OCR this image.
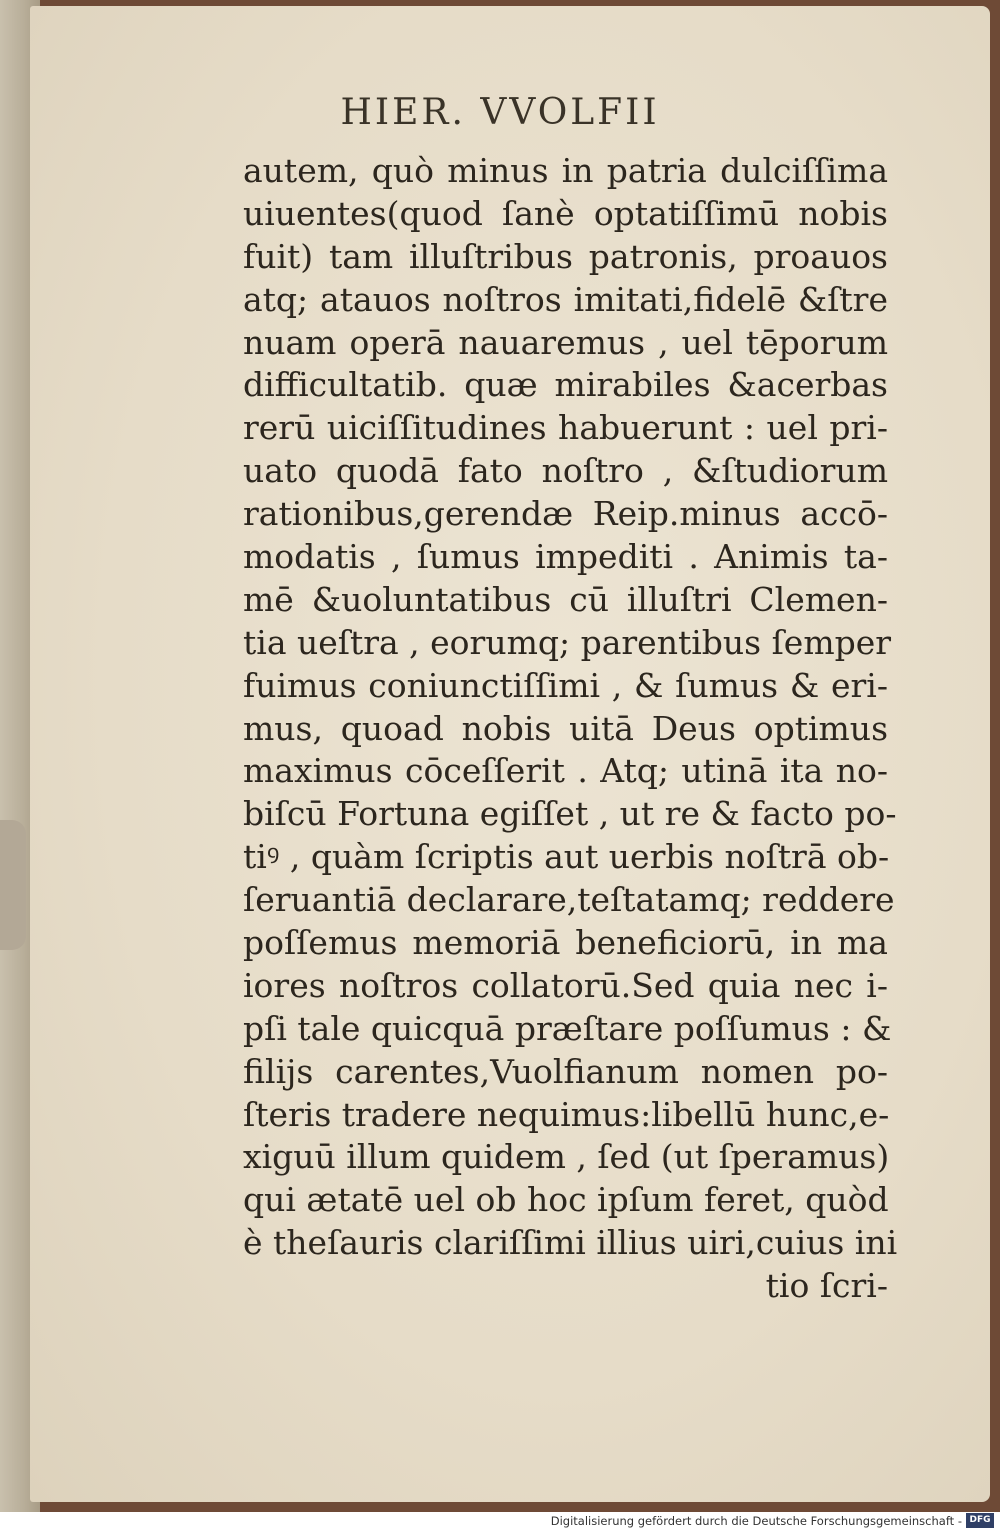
HIER. VVOLFII
autem, quò minus in patria dulciſſima
uiuentes(quod ſanè optatiſſimū nobis
fuit) tam illuſtribus patronis, proauos
atq; atauos noſtros imitati,fidelē &ſtre
nuam operā nauaremus , uel tēporum
difficultatib. quæ mirabiles &acerbas
rerū uiciſſitudines habuerunt : uel pri-
uato quodā fato noſtro , &ſtudiorum
rationibus,gerendæ Reip.minus accō-
modatis , ſumus impediti . Animis ta-
mē &uoluntatibus cū illuſtri Clemen-
tia ueſtra , eorumq; parentibus ſemper
fuimus coniunctiſſimi , & ſumus & eri-
mus, quoad nobis uitā Deus optimus
maximus cōceſſerit . Atq; utinā ita no-
biſcū Fortuna egiſſet , ut re & facto po-
tiꝰ , quàm ſcriptis aut uerbis noſtrā ob-
ſeruantiā declarare,teſtatamq; reddere
poſſemus memoriā beneficiorū, in ma
iores noſtros collatorū.Sed quia nec i-
pſi tale quicquā præſtare poſſumus : &
filijs carentes,Vuolfianum nomen po-
ſteris tradere nequimus:libellū hunc,e-
xiguū illum quidem , ſed (ut ſperamus)
qui ætatē uel ob hoc ipſum feret, quòd
è theſauris clariſſimi illius uiri,cuius ini
tio ſcri-
Digitalisierung gefördert durch die Deutsche Forschungsgemeinschaft - DFG
